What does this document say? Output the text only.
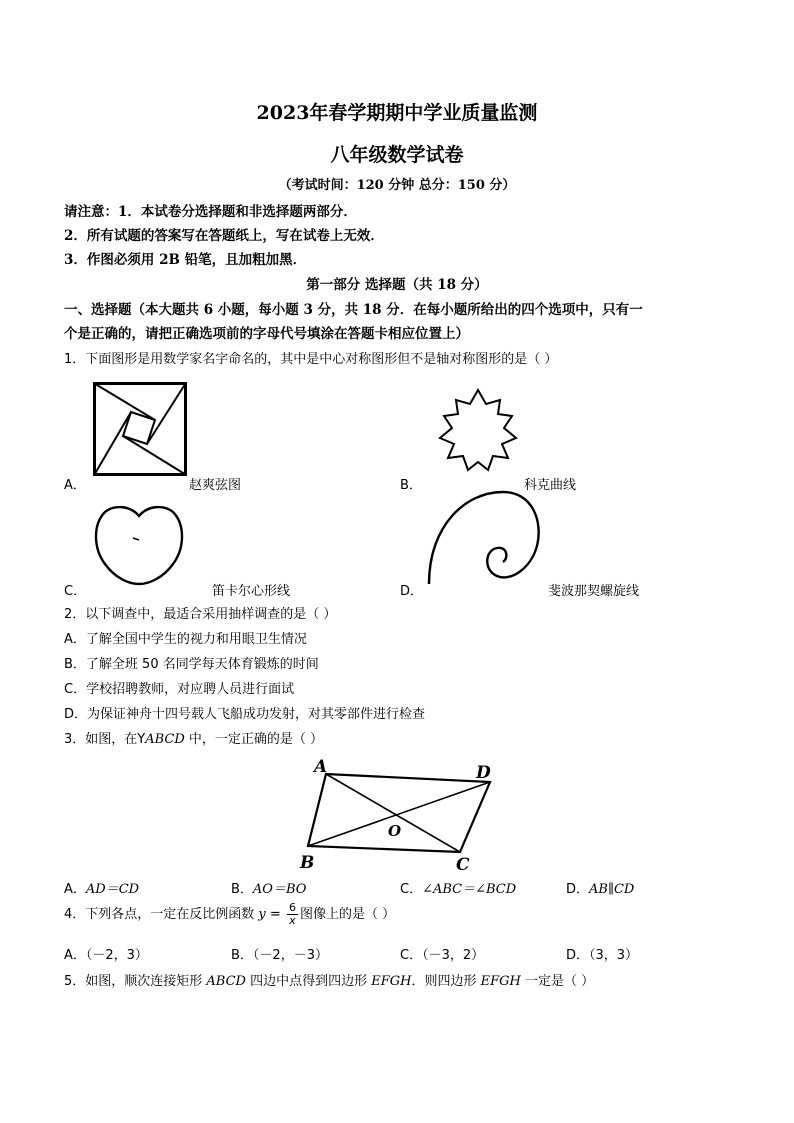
2023年春学期期中学业质量监测
八年级数学试卷
（考试时间：120 分钟 总分：150 分）
请注意：1．本试卷分选择题和非选择题两部分．
2．所有试题的答案写在答题纸上，写在试卷上无效．
3．作图必须用 2B 铅笔，且加粗加黑．
第一部分 选择题（共 18 分）
一、选择题（本大题共 6 小题，每小题 3 分，共 18 分．在每小题所给出的四个选项中，只有一
个是正确的，请把正确选项前的字母代号填涂在答题卡相应位置上）
1．下面图形是用数学家名字命名的，其中是中心对称图形但不是轴对称图形的是（ ）
A．	赵爽弦图	B．	科克曲线
C．	笛卡尔心形线	D．	斐波那契螺旋线
2．以下调查中，最适合采用抽样调查的是（ ）
A．了解全国中学生的视力和用眼卫生情况
B．了解全班 50 名同学每天体育锻炼的时间
C．学校招聘教师，对应聘人员进行面试
D．为保证神舟十四号载人飞船成功发射，对其零部件进行检查
3．如图，在YABCD 中，一定正确的是（ ）
A	D
B	C
O
A．AD＝CD	B．AO＝BO	C．∠ABC＝∠BCD	D．AB∥CD
4．下列各点，一定在反比例函数 $y = \frac{6}{x}$ 图像上的是（ ）
A．（－2，3）	B．（－2，－3）	C．（－3，2）	D．（3，3）
5．如图，顺次连接矩形 ABCD 四边中点得到四边形 EFGH．则四边形 EFGH 一定是（ ）
